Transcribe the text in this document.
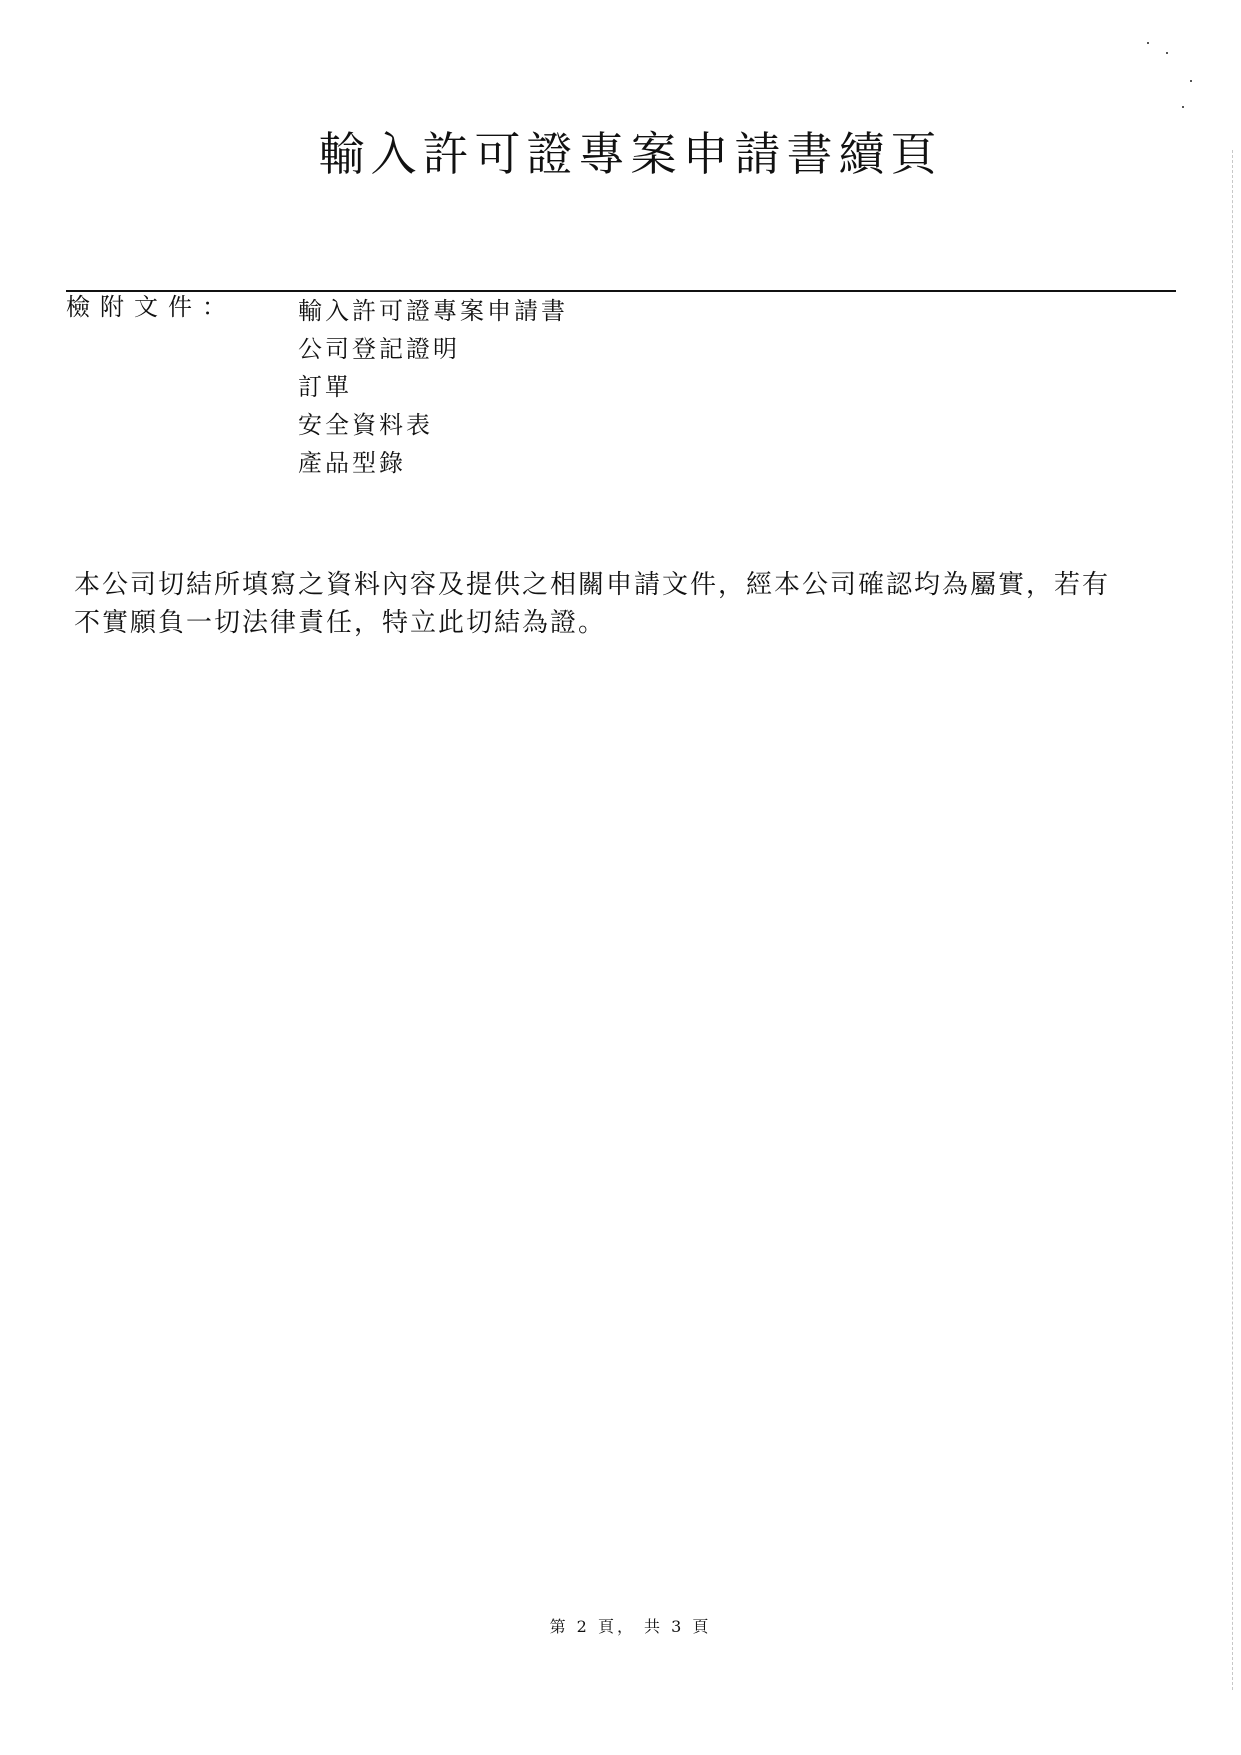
輸入許可證專案申請書續頁
檢附文件：	輸入許可證專案申請書
公司登記證明
訂單
安全資料表
產品型錄

本公司切結所填寫之資料內容及提供之相關申請文件，經本公司確認均為屬實，若有不實願負一切法律責任，特立此切結為證。

第 2 頁， 共 3 頁
